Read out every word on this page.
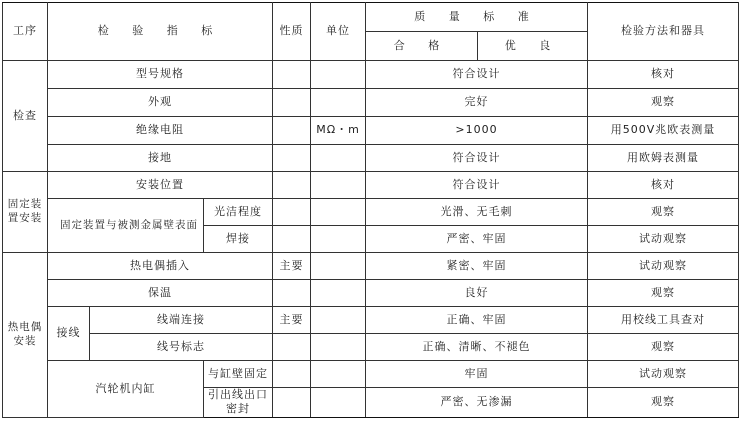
工序	检 验 指 标			性质	单位	质 量 标 准		检验方法和器具
						合 格	优 良	
检查	型号规格					符合设计		核对
	外观					完好		观察
	绝缘电阻				MΩ・m	>1000		用500V兆欧表测量
	接地					符合设计		用欧姆表测量
固定装置安装	安装位置					符合设计		核对
	固定装置与被测金属壁表面		光洁程度			光滑、无毛刺		观察
			焊接			严密、牢固		试动观察
热电偶安装	热电偶插入			主要		紧密、牢固		试动观察
	保温					良好		观察
	接线	线端连接		主要		正确、牢固		用校线工具查对
		线号标志				正确、清晰、不褪色		观察
	汽轮机内缸		与缸壁固定			牢固		试动观察
			引出线出口密封			严密、无渗漏		观察
